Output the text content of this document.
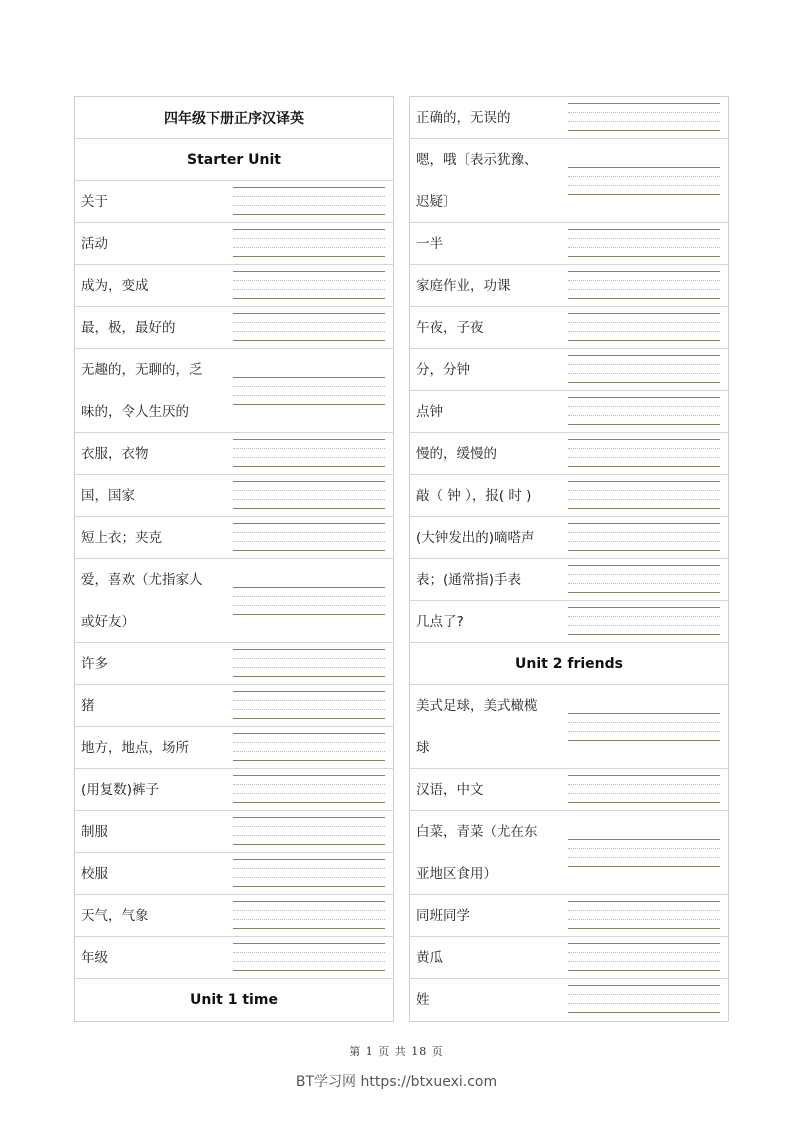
四年级下册正序汉译英
Starter Unit
关于
活动
成为，变成
最，极，最好的
无趣的，无聊的，乏
味的，令人生厌的
衣服，衣物
国，国家
短上衣；夹克
爱，喜欢（尤指家人
或好友）
许多
猪
地方，地点，场所
(用复数)裤子
制服
校服
天气，气象
年级
Unit 1 time
正确的，无误的
嗯，哦〔表示犹豫、
迟疑〕
一半
家庭作业，功课
午夜，子夜
分，分钟
点钟
慢的，缓慢的
敲（ 钟 ），报( 时 )
(大钟发出的)嘀嗒声
表；(通常指)手表
几点了?
Unit 2 friends
美式足球，美式橄榄
球
汉语，中文
白菜，青菜（尤在东
亚地区食用）
同班同学
黄瓜
姓
第 1 页 共 18 页
BT学习网 https://btxuexi.com
